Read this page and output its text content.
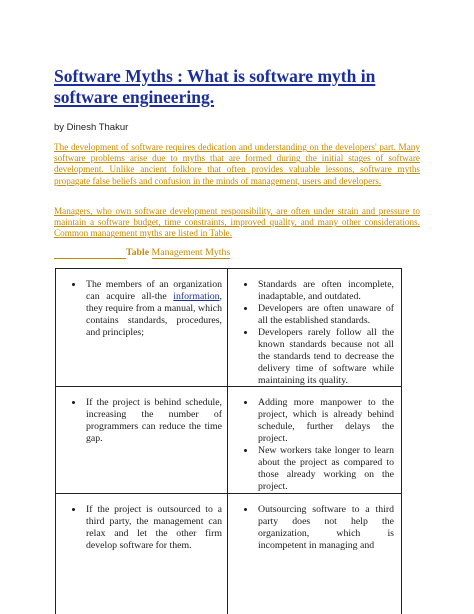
Software Myths : What is software myth in software engineering.
by Dinesh Thakur

The development of software requires dedication and understanding on the developers' part. Many software problems arise due to myths that are formed during the initial stages of software development. Unlike ancient folklore that often provides valuable lessons, software myths propagate false beliefs and confusion in the minds of management, users and developers.

Managers, who own software development responsibility, are often under strain and pressure to maintain a software budget, time constraints, improved quality, and many other considerations. Common management myths are listed in Table.

Table Management Myths
• The members of an organization can acquire all-the information, they require from a manual, which contains standards, procedures, and principles;
• Standards are often incomplete, inadaptable, and outdated.
• Developers are often unaware of all the established standards.
• Developers rarely follow all the known standards because not all the standards tend to decrease the delivery time of software while maintaining its quality.
• If the project is behind schedule, increasing the number of programmers can reduce the time gap.
• Adding more manpower to the project, which is already behind schedule, further delays the project.
• New workers take longer to learn about the project as compared to those already working on the project.
• If the project is outsourced to a third party, the management can relax and let the other firm develop software for them.
• Outsourcing software to a third party does not help the organization, which is incompetent in managing and
